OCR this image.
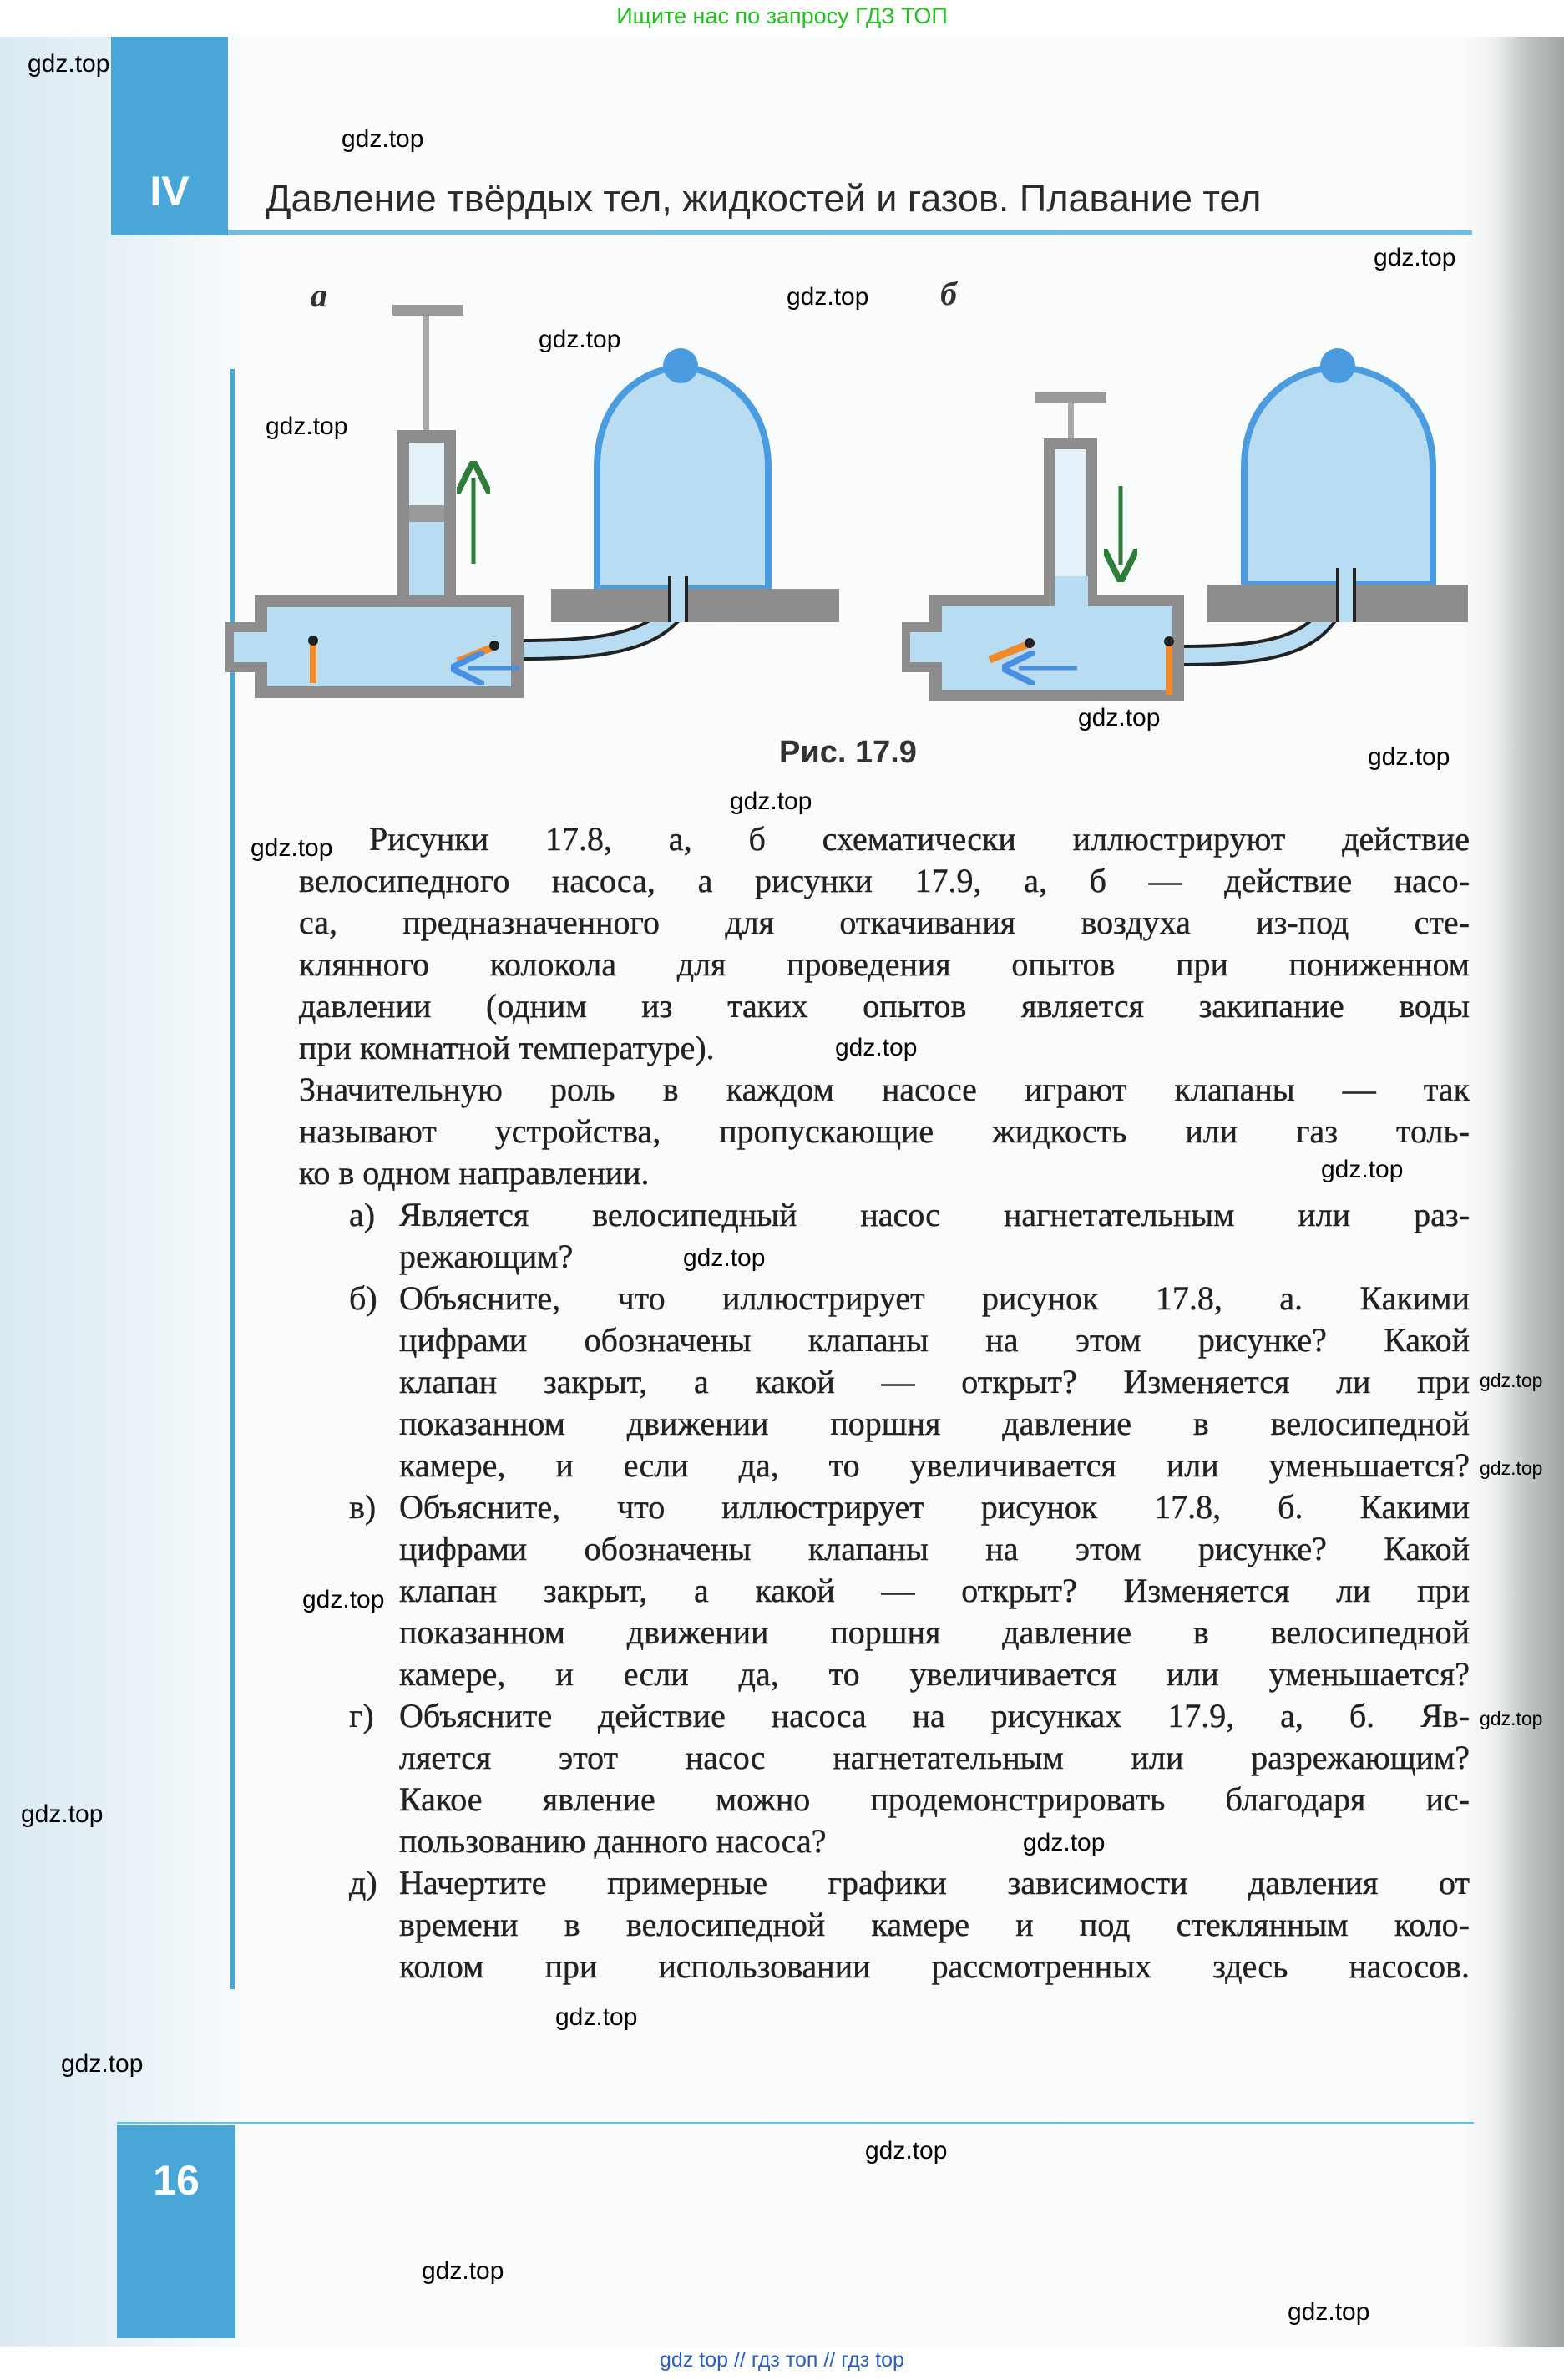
Ищите нас по запросу ГДЗ ТОП
IV	Давление твёрдых тел, жидкостей и газов. Плавание тел
а	б
Рис. 17.9
Рисунки 17.8, а, б схематически иллюстрируют действие
велосипедного насоса, а рисунки 17.9, а, б — действие насо-
са, предназначенного для откачивания воздуха из-под сте-
клянного колокола для проведения опытов при пониженном
давлении (одним из таких опытов является закипание воды
при комнатной температуре).
Значительную роль в каждом насосе играют клапаны — так
называют устройства, пропускающие жидкость или газ толь-
ко в одном направлении.
а) Является велосипедный насос нагнетательным или раз-
режающим?
б) Объясните, что иллюстрирует рисунок 17.8, а. Какими
цифрами обозначены клапаны на этом рисунке? Какой
клапан закрыт, а какой — открыт? Изменяется ли при
показанном движении поршня давление в велосипедной
камере, и если да, то увеличивается или уменьшается?
в) Объясните, что иллюстрирует рисунок 17.8, б. Какими
цифрами обозначены клапаны на этом рисунке? Какой
клапан закрыт, а какой — открыт? Изменяется ли при
показанном движении поршня давление в велосипедной
камере, и если да, то увеличивается или уменьшается?
г) Объясните действие насоса на рисунках 17.9, а, б. Яв-
ляется этот насос нагнетательным или разрежающим?
Какое явление можно продемонстрировать благодаря ис-
пользованию данного насоса?
д) Начертите примерные графики зависимости давления от
времени в велосипедной камере и под стеклянным коло-
колом при использовании рассмотренных здесь насосов.
16
gdz top // гдз топ // гдз top
gdz.top
gdz.top
gdz.top
gdz.top
gdz.top
gdz.top
gdz.top
gdz.top
gdz.top
gdz.top
gdz.top
gdz.top
gdz.top
gdz.top
gdz.top
gdz.top
gdz.top
gdz.top
gdz.top
gdz.top
gdz.top
gdz.top
gdz.top
gdz.top
